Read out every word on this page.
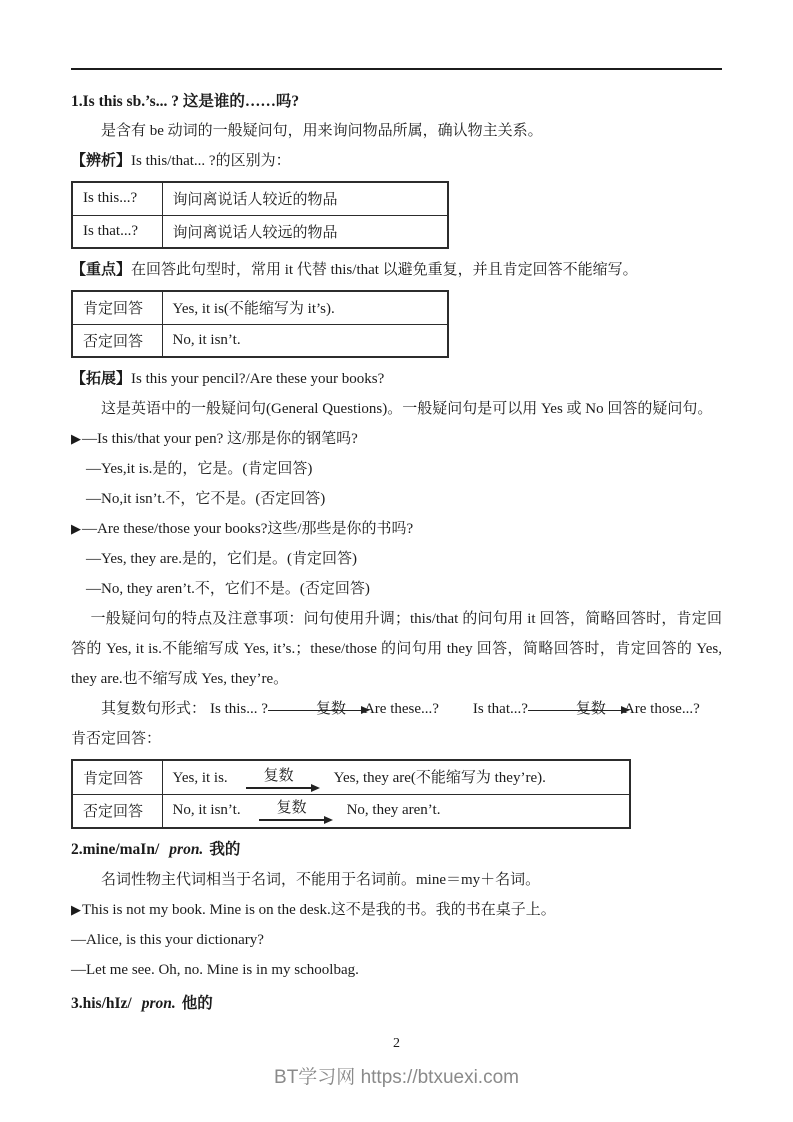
1.Is this sb.’s... ? 这是谁的……吗?

是含有 be 动词的一般疑问句，用来询问物品所属，确认物主关系。

【辨析】Is this/that... ?的区别为：

Is this...?	询问离说话人较近的物品
Is that...?	询问离说话人较远的物品

【重点】在回答此句型时，常用 it 代替 this/that 以避免重复，并且肯定回答不能缩写。

肯定回答	Yes, it is(不能缩写为 it’s).
否定回答	No, it isn’t.

【拓展】Is this your pencil?/Are these your books?

这是英语中的一般疑问句(General Questions)。一般疑问句是可以用 Yes 或 No 回答的疑问句。

▶—Is this/that your pen? 这/那是你的钢笔吗?

—Yes,it is.是的，它是。(肯定回答)

—No,it isn’t.不，它不是。(否定回答)

▶—Are these/those your books?这些/那些是你的书吗?

—Yes, they are.是的，它们是。(肯定回答)

—No, they aren’t.不，它们不是。(否定回答)

一般疑问句的特点及注意事项：问句使用升调；this/that 的问句用 it 回答，简略回答时，肯定回答的 Yes, it is.不能缩写成 Yes, it’s.；these/those 的问句用 they 回答，简略回答时，肯定回答的 Yes, they are.也不缩写成 Yes, they’re。

其复数句形式： Is this... ?	Are these...? Is that...?	Are those...?

肯否定回答：

肯定回答	Yes, it is. 复数 Yes, they are(不能缩写为 they’re).
否定回答	No, it isn’t. 复数 No, they aren’t.

2.mine/maIn/ pron. 我的

名词性物主代词相当于名词，不能用于名词前。mine＝my＋名词。

▶This is not my book. Mine is on the desk.这不是我的书。我的书在桌子上。

—Alice, is this your dictionary?

—Let me see. Oh, no. Mine is in my schoolbag.

3.his/hIz/ pron. 他的

2
BT学习网 https://btxuexi.com
